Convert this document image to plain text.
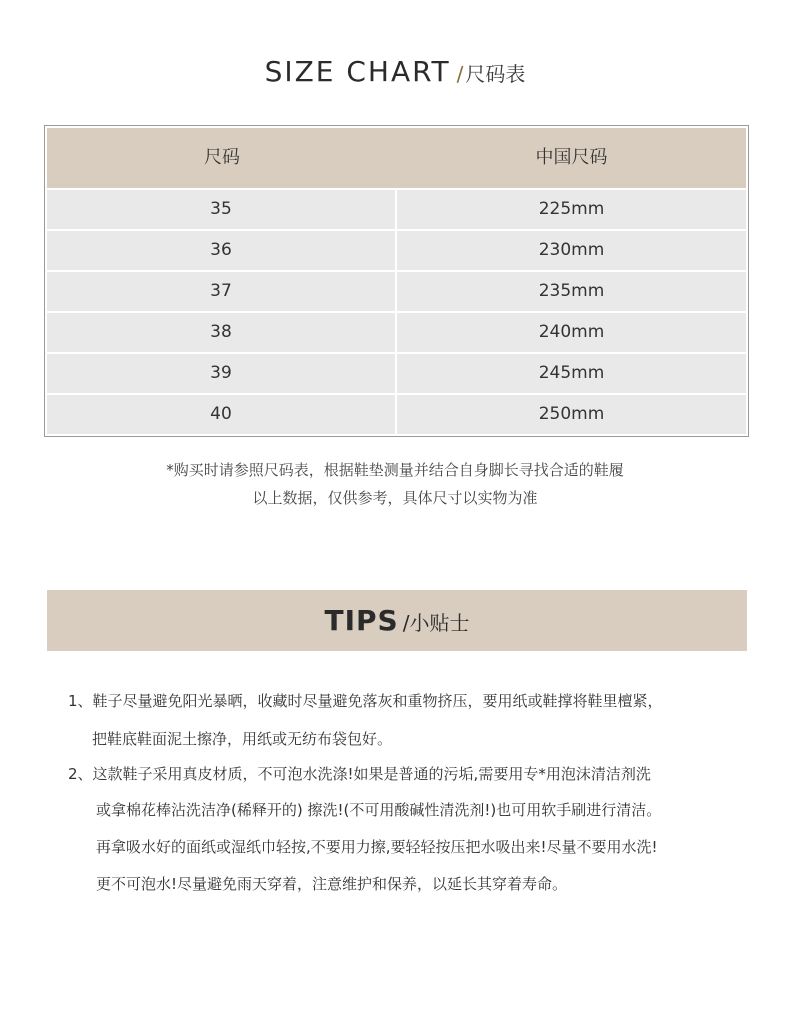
SIZE CHART / 尺码表
尺码	中国尺码
35	225mm
36	230mm
37	235mm
38	240mm
39	245mm
40	250mm
*购买时请参照尺码表，根据鞋垫测量并结合自身脚长寻找合适的鞋履
以上数据，仅供参考，具体尺寸以实物为准
TIPS /小贴士
1、鞋子尽量避免阳光暴晒，收藏时尽量避免落灰和重物挤压，要用纸或鞋撑将鞋里檀紧，
把鞋底鞋面泥土擦净，用纸或无纺布袋包好。
2、这款鞋子采用真皮材质，不可泡水洗涤!如果是普通的污垢,需要用专*用泡沫清洁剂洗
或拿棉花棒沾洗洁净(稀释开的) 擦洗!(不可用酸碱性清洗剂!)也可用软手刷进行清洁。
再拿吸水好的面纸或湿纸巾轻按,不要用力擦,要轻轻按压把水吸出来!尽量不要用水洗!
更不可泡水!尽量避免雨天穿着，注意维护和保养，以延长其穿着寿命。
